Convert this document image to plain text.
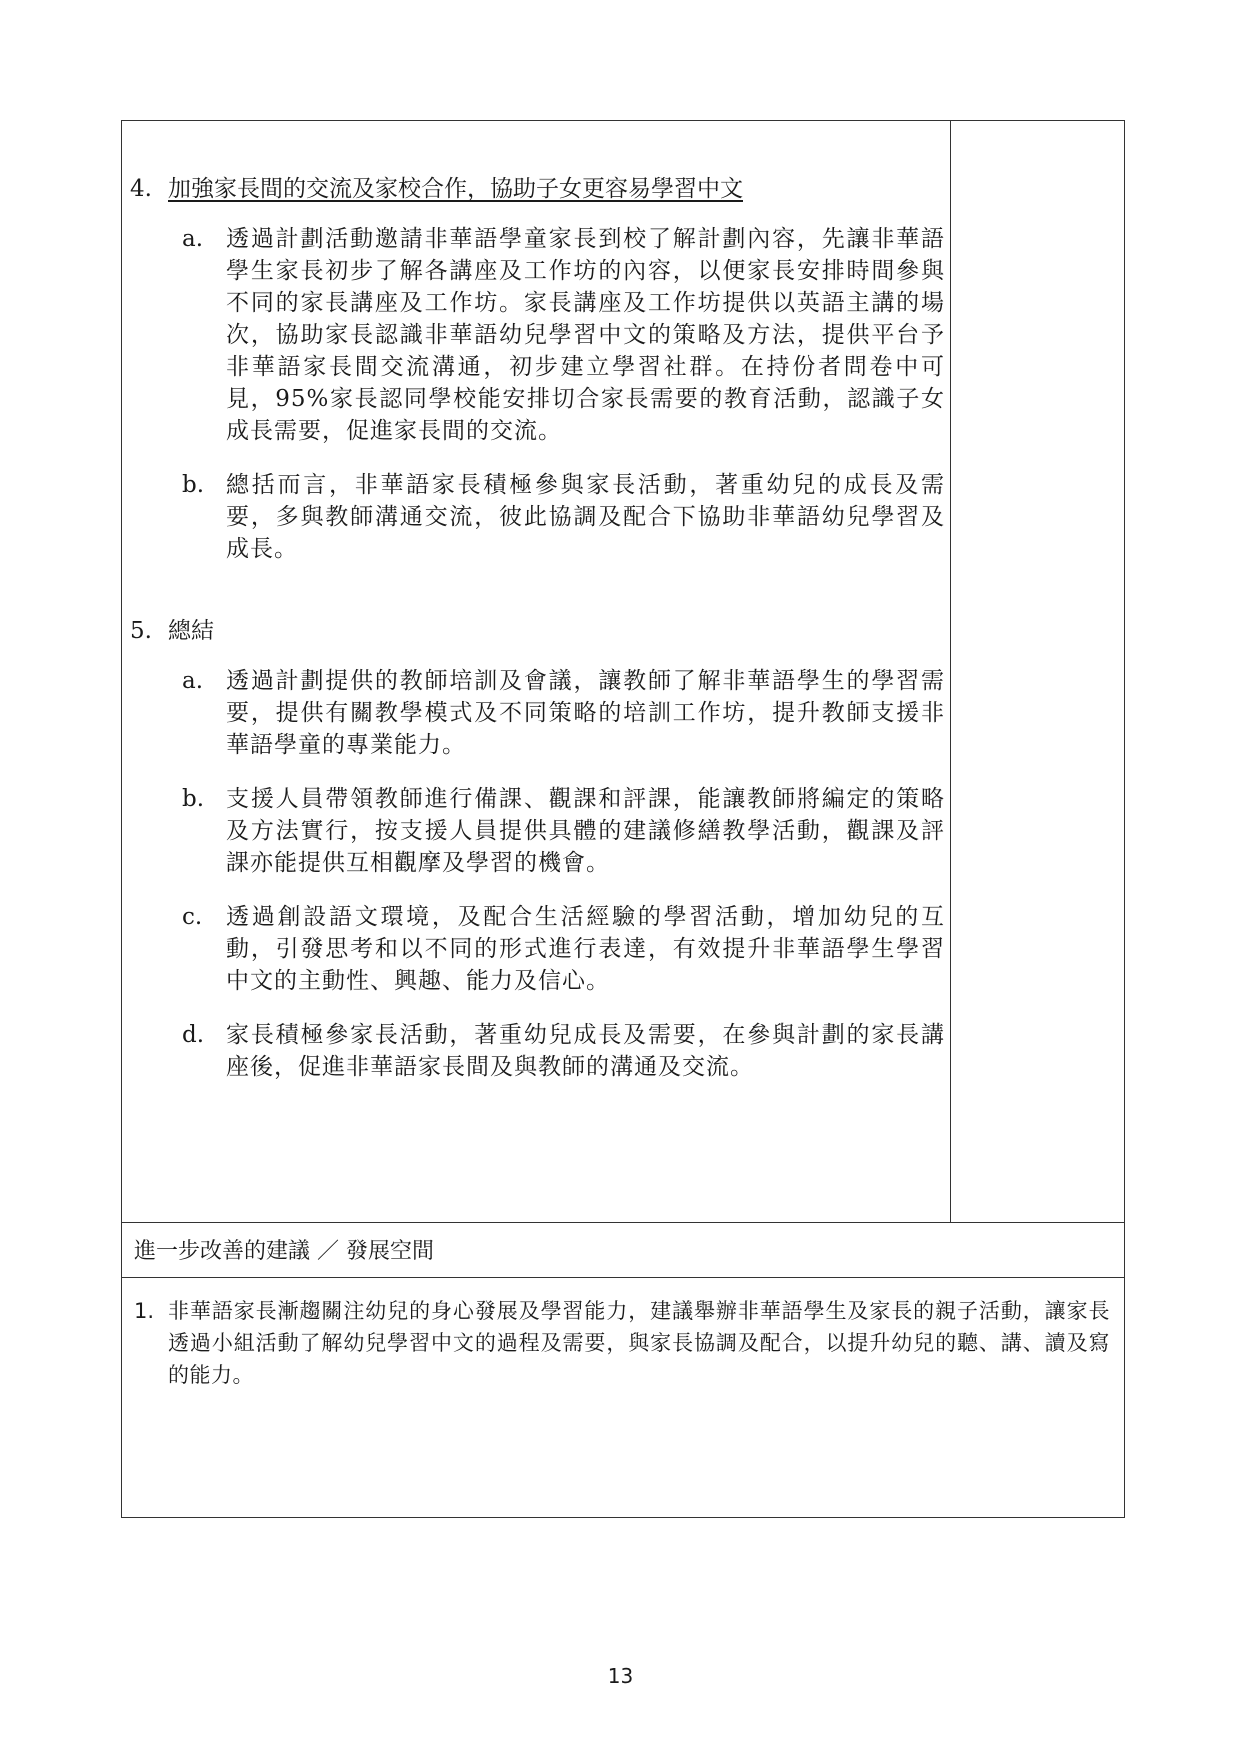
4. 加強家長間的交流及家校合作，協助子女更容易學習中文
a. 透過計劃活動邀請非華語學童家長到校了解計劃內容，先讓非華語學生家長初步了解各講座及工作坊的內容，以便家長安排時間參與不同的家長講座及工作坊。家長講座及工作坊提供以英語主講的場次，協助家長認識非華語幼兒學習中文的策略及方法，提供平台予非華語家長間交流溝通，初步建立學習社群。在持份者問卷中可見，95%家長認同學校能安排切合家長需要的教育活動，認識子女成長需要，促進家長間的交流。
b. 總括而言，非華語家長積極參與家長活動，著重幼兒的成長及需要，多與教師溝通交流，彼此協調及配合下協助非華語幼兒學習及成長。
5. 總結
a. 透過計劃提供的教師培訓及會議，讓教師了解非華語學生的學習需要，提供有關教學模式及不同策略的培訓工作坊，提升教師支援非華語學童的專業能力。
b. 支援人員帶領教師進行備課、觀課和評課，能讓教師將編定的策略及方法實行，按支援人員提供具體的建議修繕教學活動，觀課及評課亦能提供互相觀摩及學習的機會。
c.	透過創設語文環境，及配合生活經驗的學習活動，增加幼兒的互動，引發思考和以不同的形式進行表達，有效提升非華語學生學習中文的主動性、興趣、能力及信心。
d. 家長積極參家長活動，著重幼兒成長及需要，在參與計劃的家長講座後，促進非華語家長間及與教師的溝通及交流。
進一步改善的建議 ／ 發展空間
1. 非華語家長漸趨關注幼兒的身心發展及學習能力，建議舉辦非華語學生及家長的親子活動，讓家長透過小組活動了解幼兒學習中文的過程及需要，與家長協調及配合，以提升幼兒的聽、講、讀及寫的能力。
13
